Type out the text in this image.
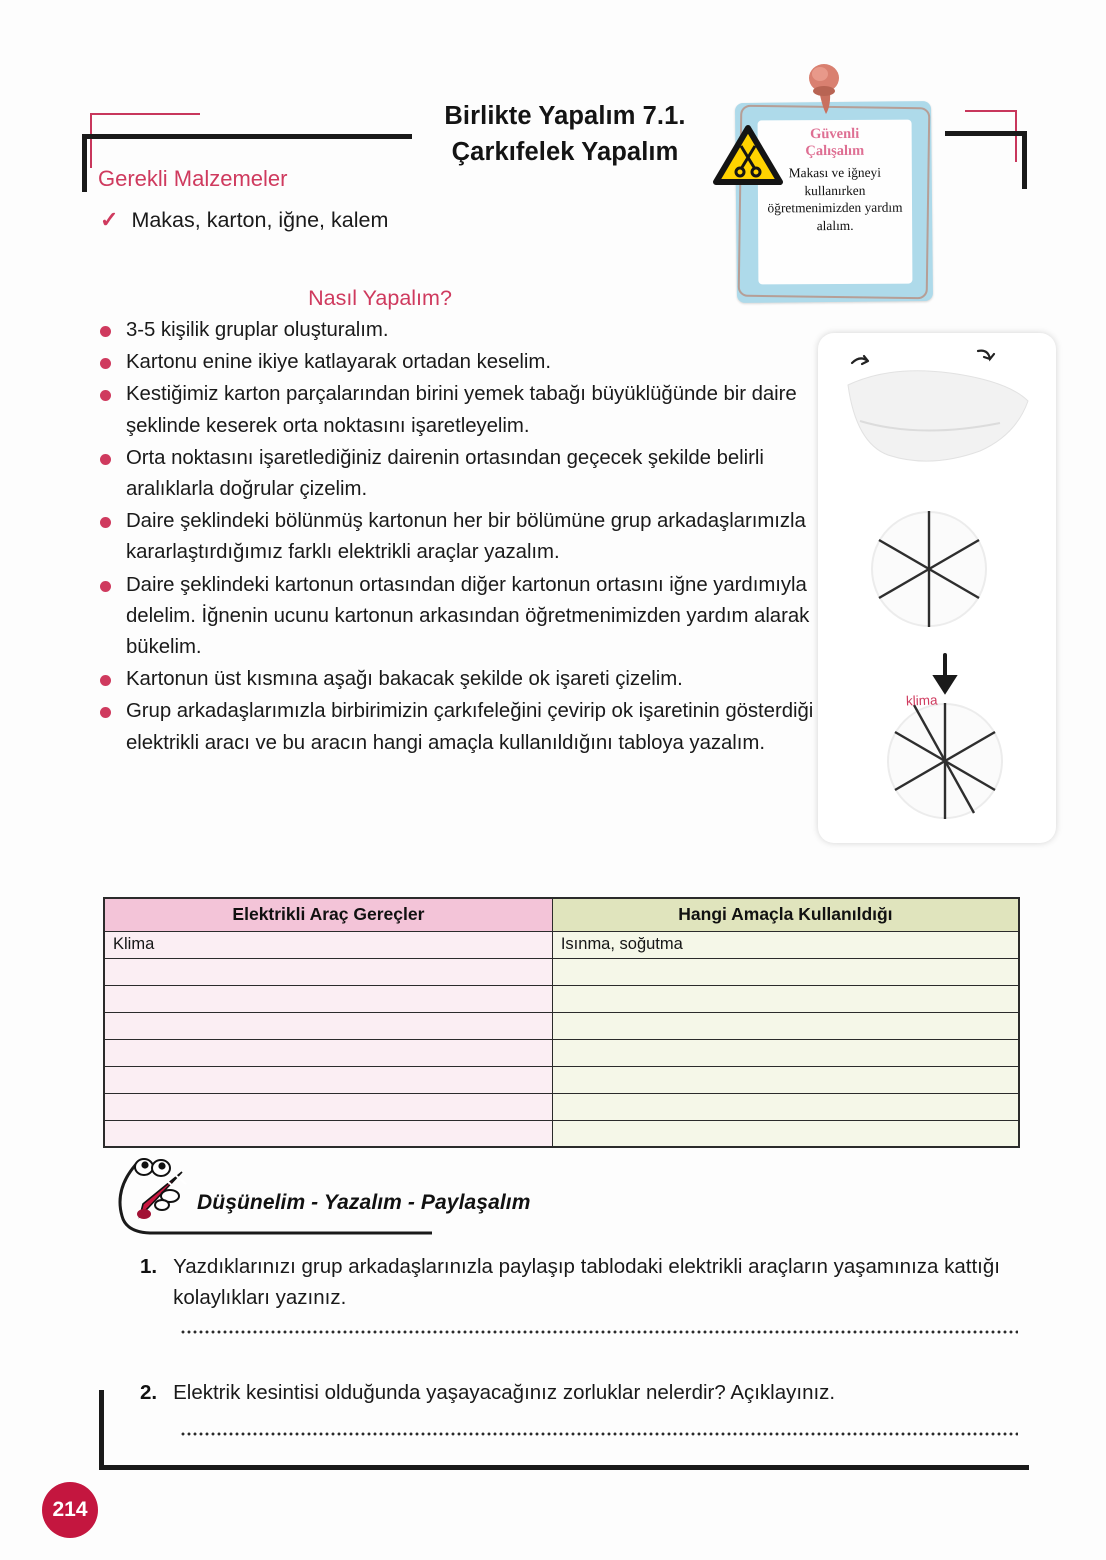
Birlikte Yapalım 7.1.
Çarkıfelek Yapalım
Güvenli
Çalışalım
Makası ve iğneyi kullanırken öğretmenimizden yardım alalım.
Gerekli Malzemeler
✓ Makas, karton, iğne, kalem
Nasıl Yapalım?
3-5 kişilik gruplar oluşturalım.
Kartonu enine ikiye katlayarak ortadan keselim.
Kestiğimiz karton parçalarından birini yemek tabağı büyüklüğünde bir daire şeklinde keserek orta noktasını işaretleyelim.
Orta noktasını işaretlediğiniz dairenin ortasından geçecek şekilde belirli aralıklarla doğrular çizelim.
Daire şeklindeki bölünmüş kartonun her bir bölümüne grup arkadaşlarımızla kararlaştırdığımız farklı elektrikli araçlar yazalım.
Daire şeklindeki kartonun ortasından diğer kartonun ortasını iğne yardımıyla delelim. İğnenin ucunu kartonun arkasından öğretmenimizden yardım alarak bükelim.
Kartonun üst kısmına aşağı bakacak şekilde ok işareti çizelim.
Grup arkadaşlarımızla birbirimizin çarkıfeleğini çevirip ok işaretinin gösterdiği elektrikli aracı ve bu aracın hangi amaçla kullanıldığını tabloya yazalım.
klima
Elektrikli Araç Gereçler	Hangi Amaçla Kullanıldığı
Klima	Isınma, soğutma

Düşünelim - Yazalım - Paylaşalım
1. Yazdıklarınızı grup arkadaşlarınızla paylaşıp tablodaki elektrikli araçların yaşamınıza kattığı kolaylıkları yazınız.
2. Elektrik kesintisi olduğunda yaşayacağınız zorluklar nelerdir? Açıklayınız.
214
